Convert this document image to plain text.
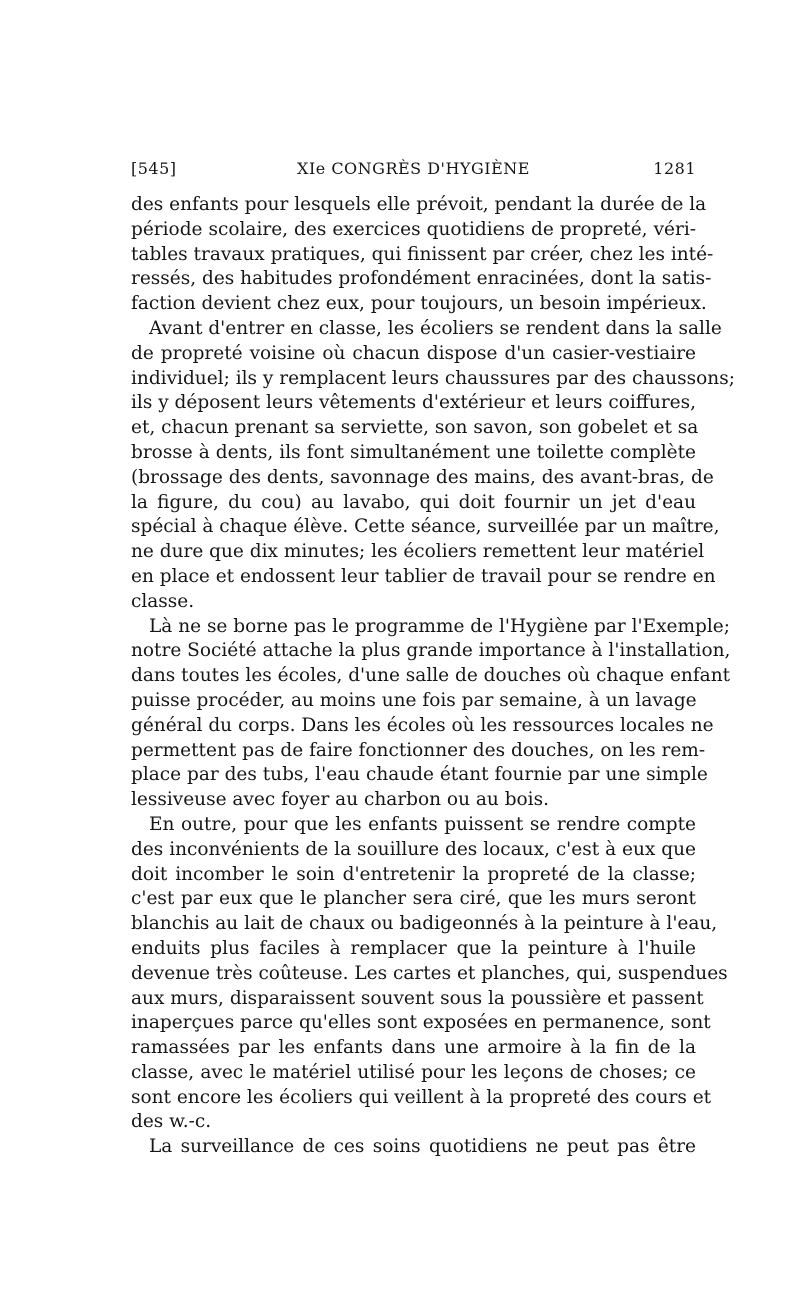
[545]	XIe CONGRÈS D'HYGIÈNE	1281
des enfants pour lesquels elle prévoit, pendant la durée de la
période scolaire, des exercices quotidiens de propreté, véri-
tables travaux pratiques, qui finissent par créer, chez les inté-
ressés, des habitudes profondément enracinées, dont la satis-
faction devient chez eux, pour toujours, un besoin impérieux.
Avant d'entrer en classe, les écoliers se rendent dans la salle
de propreté voisine où chacun dispose d'un casier-vestiaire
individuel; ils y remplacent leurs chaussures par des chaussons;
ils y déposent leurs vêtements d'extérieur et leurs coiffures,
et, chacun prenant sa serviette, son savon, son gobelet et sa
brosse à dents, ils font simultanément une toilette complète
(brossage des dents, savonnage des mains, des avant-bras, de
la figure, du cou) au lavabo, qui doit fournir un jet d'eau
spécial à chaque élève. Cette séance, surveillée par un maître,
ne dure que dix minutes; les écoliers remettent leur matériel
en place et endossent leur tablier de travail pour se rendre en
classe.
Là ne se borne pas le programme de l'Hygiène par l'Exemple;
notre Société attache la plus grande importance à l'installation,
dans toutes les écoles, d'une salle de douches où chaque enfant
puisse procéder, au moins une fois par semaine, à un lavage
général du corps. Dans les écoles où les ressources locales ne
permettent pas de faire fonctionner des douches, on les rem-
place par des tubs, l'eau chaude étant fournie par une simple
lessiveuse avec foyer au charbon ou au bois.
En outre, pour que les enfants puissent se rendre compte
des inconvénients de la souillure des locaux, c'est à eux que
doit incomber le soin d'entretenir la propreté de la classe;
c'est par eux que le plancher sera ciré, que les murs seront
blanchis au lait de chaux ou badigeonnés à la peinture à l'eau,
enduits plus faciles à remplacer que la peinture à l'huile
devenue très coûteuse. Les cartes et planches, qui, suspendues
aux murs, disparaissent souvent sous la poussière et passent
inaperçues parce qu'elles sont exposées en permanence, sont
ramassées par les enfants dans une armoire à la fin de la
classe, avec le matériel utilisé pour les leçons de choses; ce
sont encore les écoliers qui veillent à la propreté des cours et
des w.-c.
La surveillance de ces soins quotidiens ne peut pas être
